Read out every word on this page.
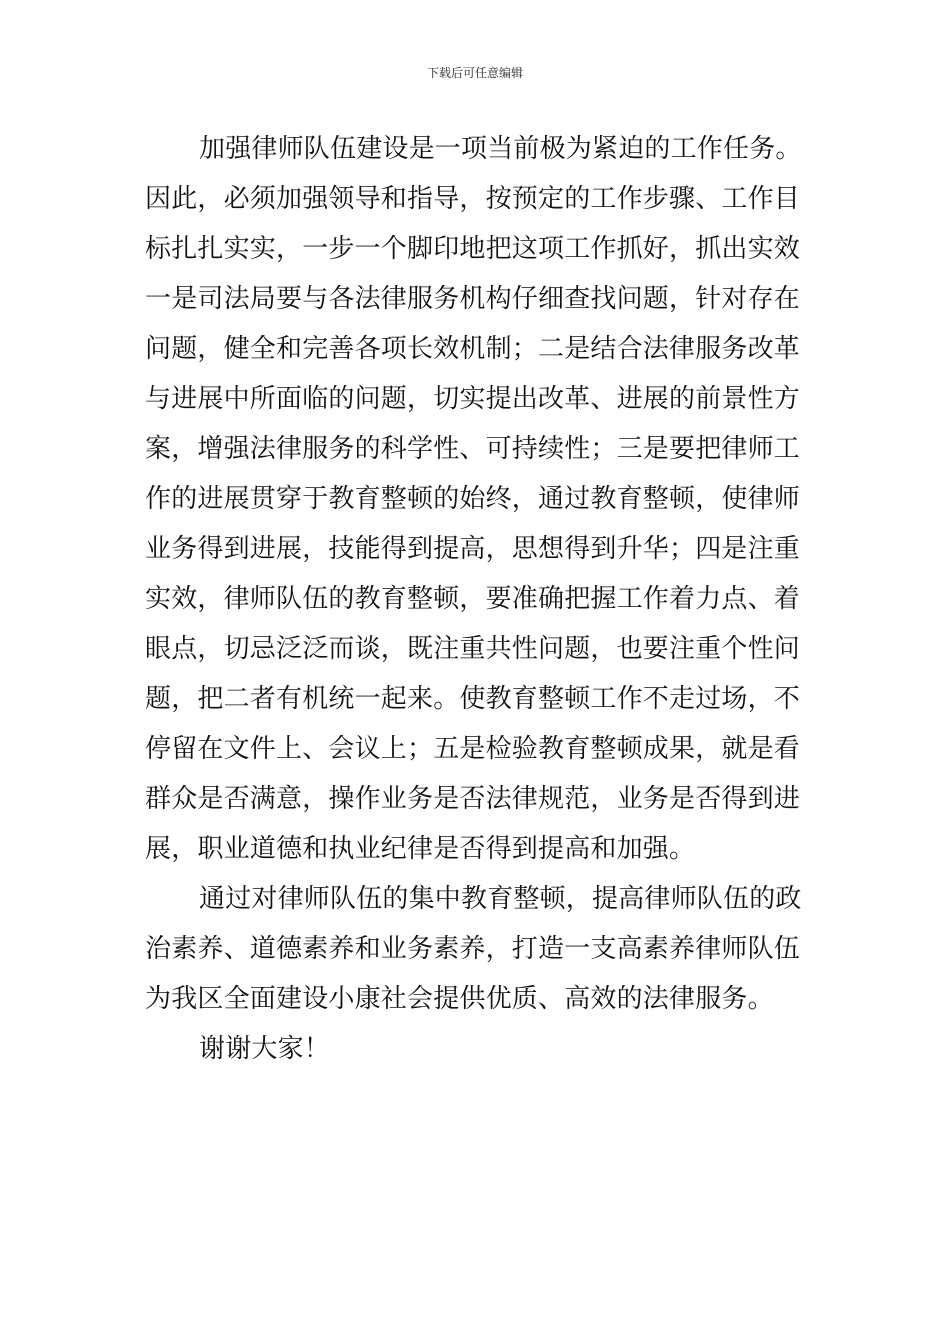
下载后可任意编辑

加强律师队伍建设是一项当前极为紧迫的工作任务。
因此，必须加强领导和指导，按预定的工作步骤、工作目
标扎扎实实，一步一个脚印地把这项工作抓好，抓出实效
一是司法局要与各法律服务机构仔细查找问题，针对存在
问题，健全和完善各项长效机制；二是结合法律服务改革
与进展中所面临的问题，切实提出改革、进展的前景性方
案，增强法律服务的科学性、可持续性；三是要把律师工
作的进展贯穿于教育整顿的始终，通过教育整顿，使律师
业务得到进展，技能得到提高，思想得到升华；四是注重
实效，律师队伍的教育整顿，要准确把握工作着力点、着
眼点，切忌泛泛而谈，既注重共性问题，也要注重个性问
题，把二者有机统一起来。使教育整顿工作不走过场，不
停留在文件上、会议上；五是检验教育整顿成果，就是看
群众是否满意，操作业务是否法律规范，业务是否得到进
展，职业道德和执业纪律是否得到提高和加强。

通过对律师队伍的集中教育整顿，提高律师队伍的政
治素养、道德素养和业务素养，打造一支高素养律师队伍
为我区全面建设小康社会提供优质、高效的法律服务。

谢谢大家！
